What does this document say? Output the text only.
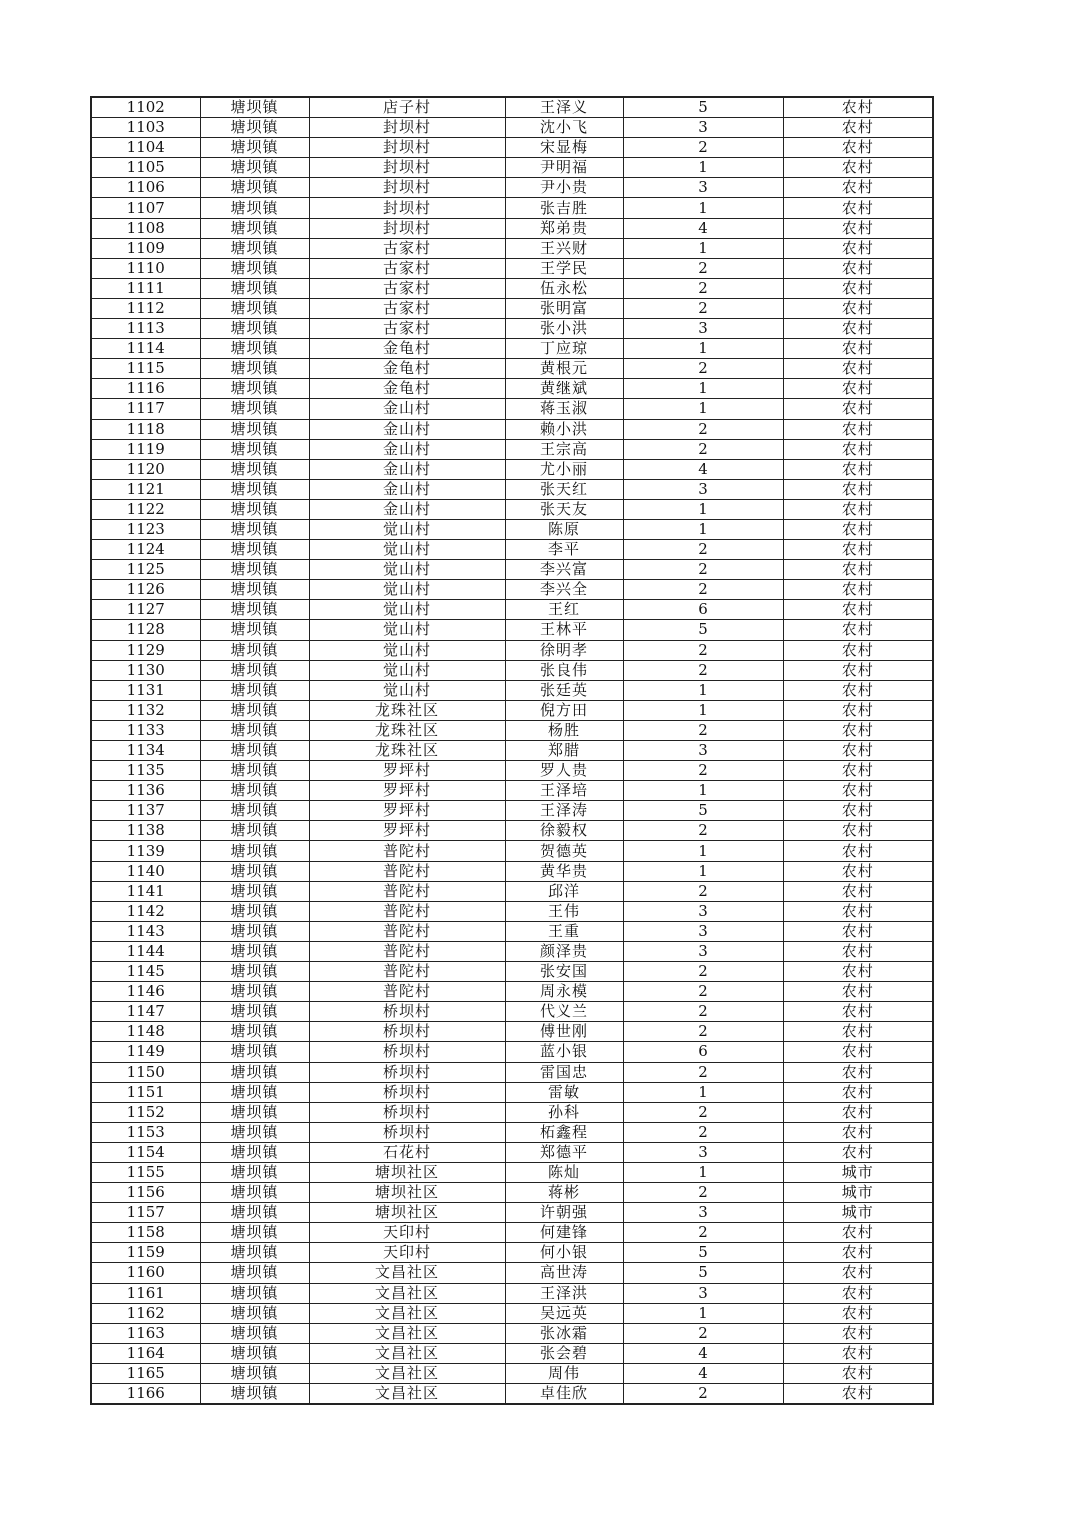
1102	塘坝镇	店子村	王泽义	5	农村
1103	塘坝镇	封坝村	沈小飞	3	农村
1104	塘坝镇	封坝村	宋显梅	2	农村
1105	塘坝镇	封坝村	尹明福	1	农村
1106	塘坝镇	封坝村	尹小贵	3	农村
1107	塘坝镇	封坝村	张吉胜	1	农村
1108	塘坝镇	封坝村	郑弟贵	4	农村
1109	塘坝镇	古家村	王兴财	1	农村
1110	塘坝镇	古家村	王学民	2	农村
1111	塘坝镇	古家村	伍永松	2	农村
1112	塘坝镇	古家村	张明富	2	农村
1113	塘坝镇	古家村	张小洪	3	农村
1114	塘坝镇	金龟村	丁应琼	1	农村
1115	塘坝镇	金龟村	黄根元	2	农村
1116	塘坝镇	金龟村	黄继斌	1	农村
1117	塘坝镇	金山村	蒋玉淑	1	农村
1118	塘坝镇	金山村	赖小洪	2	农村
1119	塘坝镇	金山村	王宗高	2	农村
1120	塘坝镇	金山村	尤小丽	4	农村
1121	塘坝镇	金山村	张天红	3	农村
1122	塘坝镇	金山村	张天友	1	农村
1123	塘坝镇	觉山村	陈原	1	农村
1124	塘坝镇	觉山村	李平	2	农村
1125	塘坝镇	觉山村	李兴富	2	农村
1126	塘坝镇	觉山村	李兴全	2	农村
1127	塘坝镇	觉山村	王红	6	农村
1128	塘坝镇	觉山村	王林平	5	农村
1129	塘坝镇	觉山村	徐明孝	2	农村
1130	塘坝镇	觉山村	张良伟	2	农村
1131	塘坝镇	觉山村	张廷英	1	农村
1132	塘坝镇	龙珠社区	倪方田	1	农村
1133	塘坝镇	龙珠社区	杨胜	2	农村
1134	塘坝镇	龙珠社区	郑腊	3	农村
1135	塘坝镇	罗坪村	罗人贵	2	农村
1136	塘坝镇	罗坪村	王泽培	1	农村
1137	塘坝镇	罗坪村	王泽涛	5	农村
1138	塘坝镇	罗坪村	徐毅权	2	农村
1139	塘坝镇	普陀村	贺德英	1	农村
1140	塘坝镇	普陀村	黄华贵	1	农村
1141	塘坝镇	普陀村	邱洋	2	农村
1142	塘坝镇	普陀村	王伟	3	农村
1143	塘坝镇	普陀村	王重	3	农村
1144	塘坝镇	普陀村	颜泽贵	3	农村
1145	塘坝镇	普陀村	张安国	2	农村
1146	塘坝镇	普陀村	周永模	2	农村
1147	塘坝镇	桥坝村	代义兰	2	农村
1148	塘坝镇	桥坝村	傅世刚	2	农村
1149	塘坝镇	桥坝村	蓝小银	6	农村
1150	塘坝镇	桥坝村	雷国忠	2	农村
1151	塘坝镇	桥坝村	雷敏	1	农村
1152	塘坝镇	桥坝村	孙科	2	农村
1153	塘坝镇	桥坝村	柘鑫程	2	农村
1154	塘坝镇	石花村	郑德平	3	农村
1155	塘坝镇	塘坝社区	陈灿	1	城市
1156	塘坝镇	塘坝社区	蒋彬	2	城市
1157	塘坝镇	塘坝社区	许朝强	3	城市
1158	塘坝镇	天印村	何建锋	2	农村
1159	塘坝镇	天印村	何小银	5	农村
1160	塘坝镇	文昌社区	高世涛	5	农村
1161	塘坝镇	文昌社区	王泽洪	3	农村
1162	塘坝镇	文昌社区	吴远英	1	农村
1163	塘坝镇	文昌社区	张冰霜	2	农村
1164	塘坝镇	文昌社区	张会碧	4	农村
1165	塘坝镇	文昌社区	周伟	4	农村
1166	塘坝镇	文昌社区	卓佳欣	2	农村
